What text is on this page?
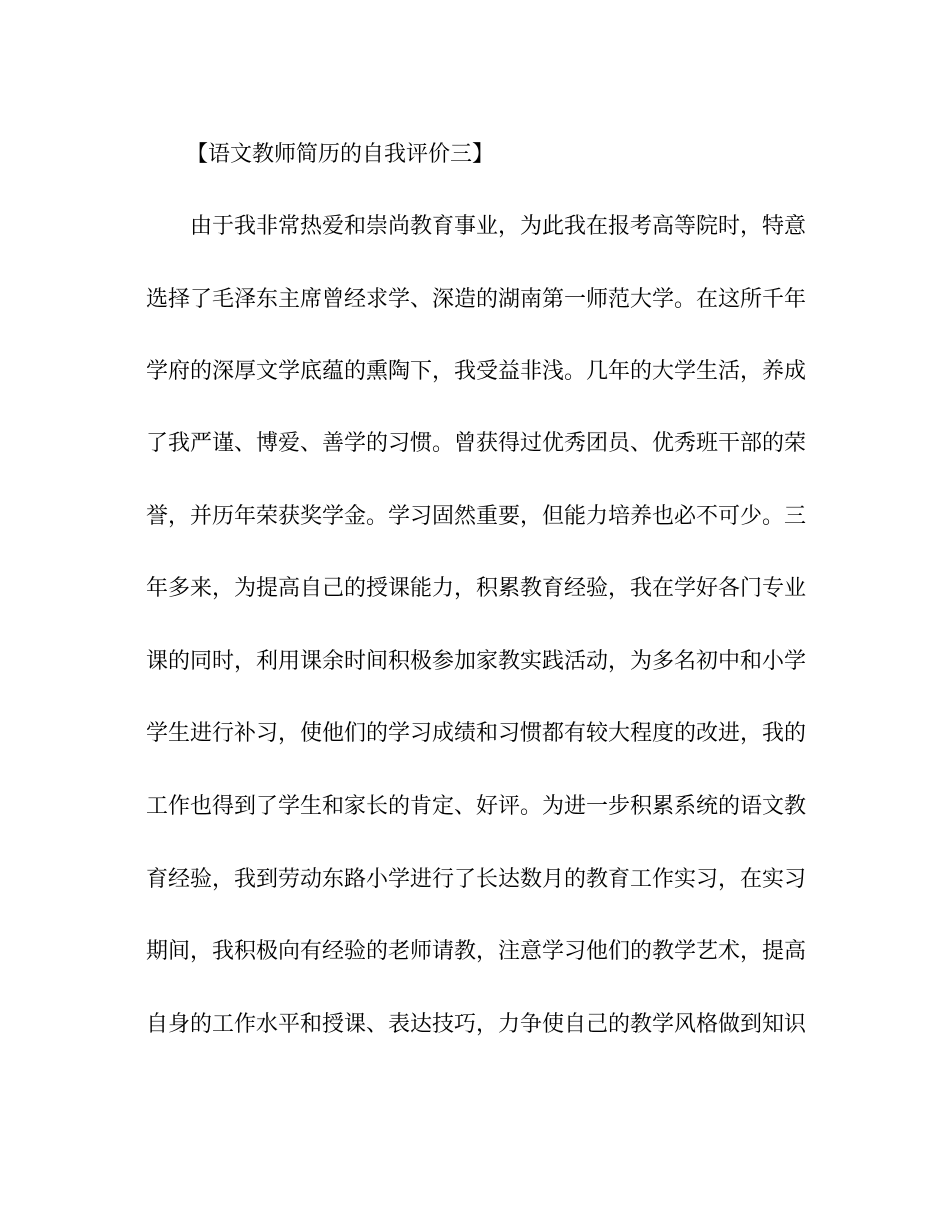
【语文教师简历的自我评价三】
由于我非常热爱和崇尚教育事业，为此我在报考高等院时，特意
选择了毛泽东主席曾经求学、深造的湖南第一师范大学。在这所千年
学府的深厚文学底蕴的熏陶下，我受益非浅。几年的大学生活，养成
了我严谨、博爱、善学的习惯。曾获得过优秀团员、优秀班干部的荣
誉，并历年荣获奖学金。学习固然重要，但能力培养也必不可少。三
年多来，为提高自己的授课能力，积累教育经验，我在学好各门专业
课的同时，利用课余时间积极参加家教实践活动，为多名初中和小学
学生进行补习，使他们的学习成绩和习惯都有较大程度的改进，我的
工作也得到了学生和家长的肯定、好评。为进一步积累系统的语文教
育经验，我到劳动东路小学进行了长达数月的教育工作实习，在实习
期间，我积极向有经验的老师请教，注意学习他们的教学艺术，提高
自身的工作水平和授课、表达技巧，力争使自己的教学风格做到知识
